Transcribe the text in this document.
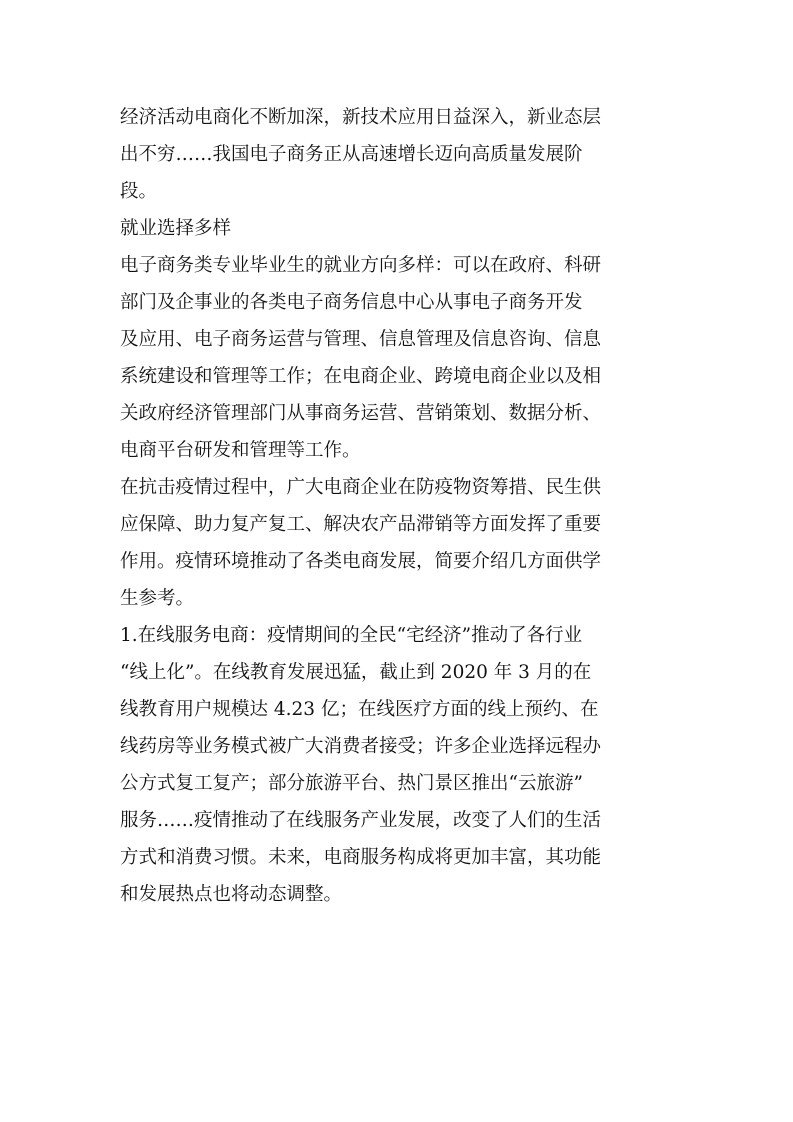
经济活动电商化不断加深，新技术应用日益深入，新业态层
出不穷……我国电子商务正从高速增长迈向高质量发展阶
段。

就业选择多样

电子商务类专业毕业生的就业方向多样：可以在政府、科研
部门及企事业的各类电子商务信息中心从事电子商务开发
及应用、电子商务运营与管理、信息管理及信息咨询、信息
系统建设和管理等工作；在电商企业、跨境电商企业以及相
关政府经济管理部门从事商务运营、营销策划、数据分析、
电商平台研发和管理等工作。

在抗击疫情过程中，广大电商企业在防疫物资筹措、民生供
应保障、助力复产复工、解决农产品滞销等方面发挥了重要
作用。疫情环境推动了各类电商发展，简要介绍几方面供学
生参考。

1.在线服务电商：疫情期间的全民“宅经济”推动了各行业
“线上化”。在线教育发展迅猛，截止到 2020 年 3 月的在
线教育用户规模达 4.23 亿；在线医疗方面的线上预约、在
线药房等业务模式被广大消费者接受；许多企业选择远程办
公方式复工复产；部分旅游平台、热门景区推出“云旅游”
服务……疫情推动了在线服务产业发展，改变了人们的生活
方式和消费习惯。未来，电商服务构成将更加丰富，其功能
和发展热点也将动态调整。
